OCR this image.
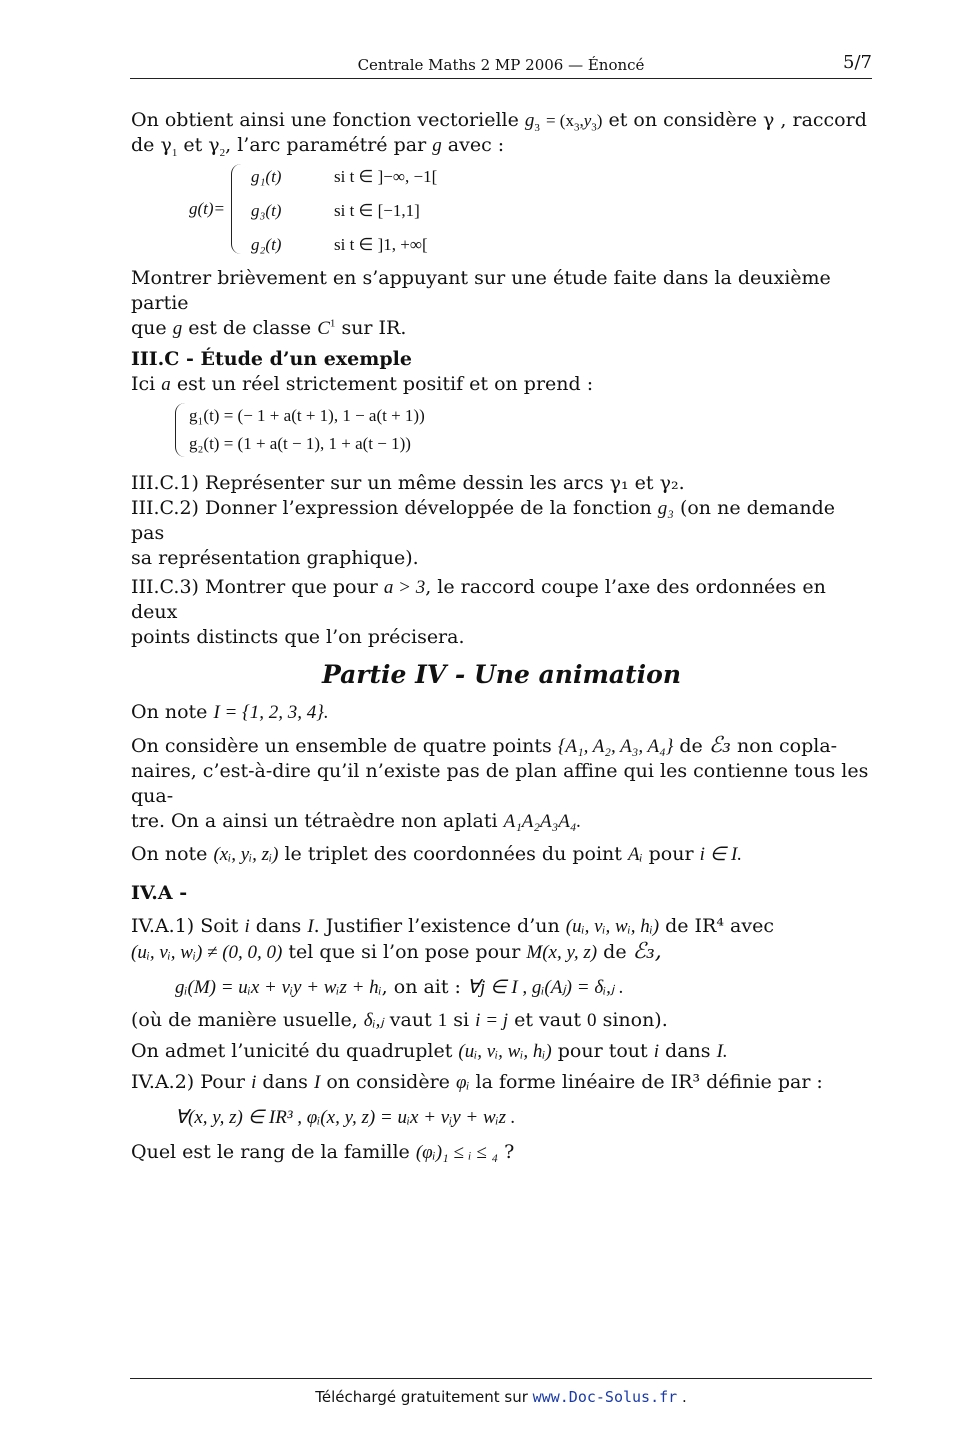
Centrale Maths 2 MP 2006 — Énoncé	5/7

On obtient ainsi une fonction vectorielle $g_3 = (x_3,y_3)$ et on considère γ , raccord
de $\gamma_1$ et $\gamma_2$, l’arc paramétré par g avec :

g(t)=
g₁(t)	si t ∈ ]−∞, −1[
g₃(t)	si t ∈ [−1,1]
g₂(t)	si t ∈ ]1, +∞[

Montrer brièvement en s’appuyant sur une étude faite dans la deuxième partie
que g est de classe $C^1$ sur IR.

III.C - Étude d’un exemple

Ici a est un réel strictement positif et on prend :

g₁(t) = (− 1 + a(t + 1), 1 − a(t + 1))
g₂(t) = (1 + a(t − 1), 1 + a(t − 1))

III.C.1) Représenter sur un même dessin les arcs γ₁ et γ₂.

III.C.2) Donner l’expression développée de la fonction g₃ (on ne demande pas
sa représentation graphique).

III.C.3) Montrer que pour a > 3, le raccord coupe l’axe des ordonnées en deux
points distincts que l’on précisera.

Partie IV - Une animation

On note I = {1, 2, 3, 4}.

On considère un ensemble de quatre points {A₁, A₂, A₃, A₄} de ℰ₃ non copla-
naires, c’est-à-dire qu’il n’existe pas de plan affine qui les contienne tous les qua-
tre. On a ainsi un tétraèdre non aplati A₁A₂A₃A₄.

On note (xᵢ, yᵢ, zᵢ) le triplet des coordonnées du point Aᵢ pour i ∈ I.

IV.A -

IV.A.1) Soit i dans I. Justifier l’existence d’un (uᵢ, vᵢ, wᵢ, hᵢ) de IR⁴ avec
(uᵢ, vᵢ, wᵢ) ≠ (0, 0, 0) tel que si l’on pose pour M(x, y, z) de ℰ₃,

gᵢ(M) = uᵢx + vᵢy + wᵢz + hᵢ, on ait : ∀j ∈ I , gᵢ(Aⱼ) = δᵢ,ⱼ .

(où de manière usuelle, δᵢ,ⱼ vaut 1 si i = j et vaut 0 sinon).

On admet l’unicité du quadruplet (uᵢ, vᵢ, wᵢ, hᵢ) pour tout i dans I.

IV.A.2) Pour i dans I on considère φᵢ la forme linéaire de IR³ définie par :

∀(x, y, z) ∈ IR³ , φᵢ(x, y, z) = uᵢx + vᵢy + wᵢz .

Quel est le rang de la famille (φᵢ)₁ ≤ ᵢ ≤ ₄ ?

Téléchargé gratuitement sur www.Doc-Solus.fr .
